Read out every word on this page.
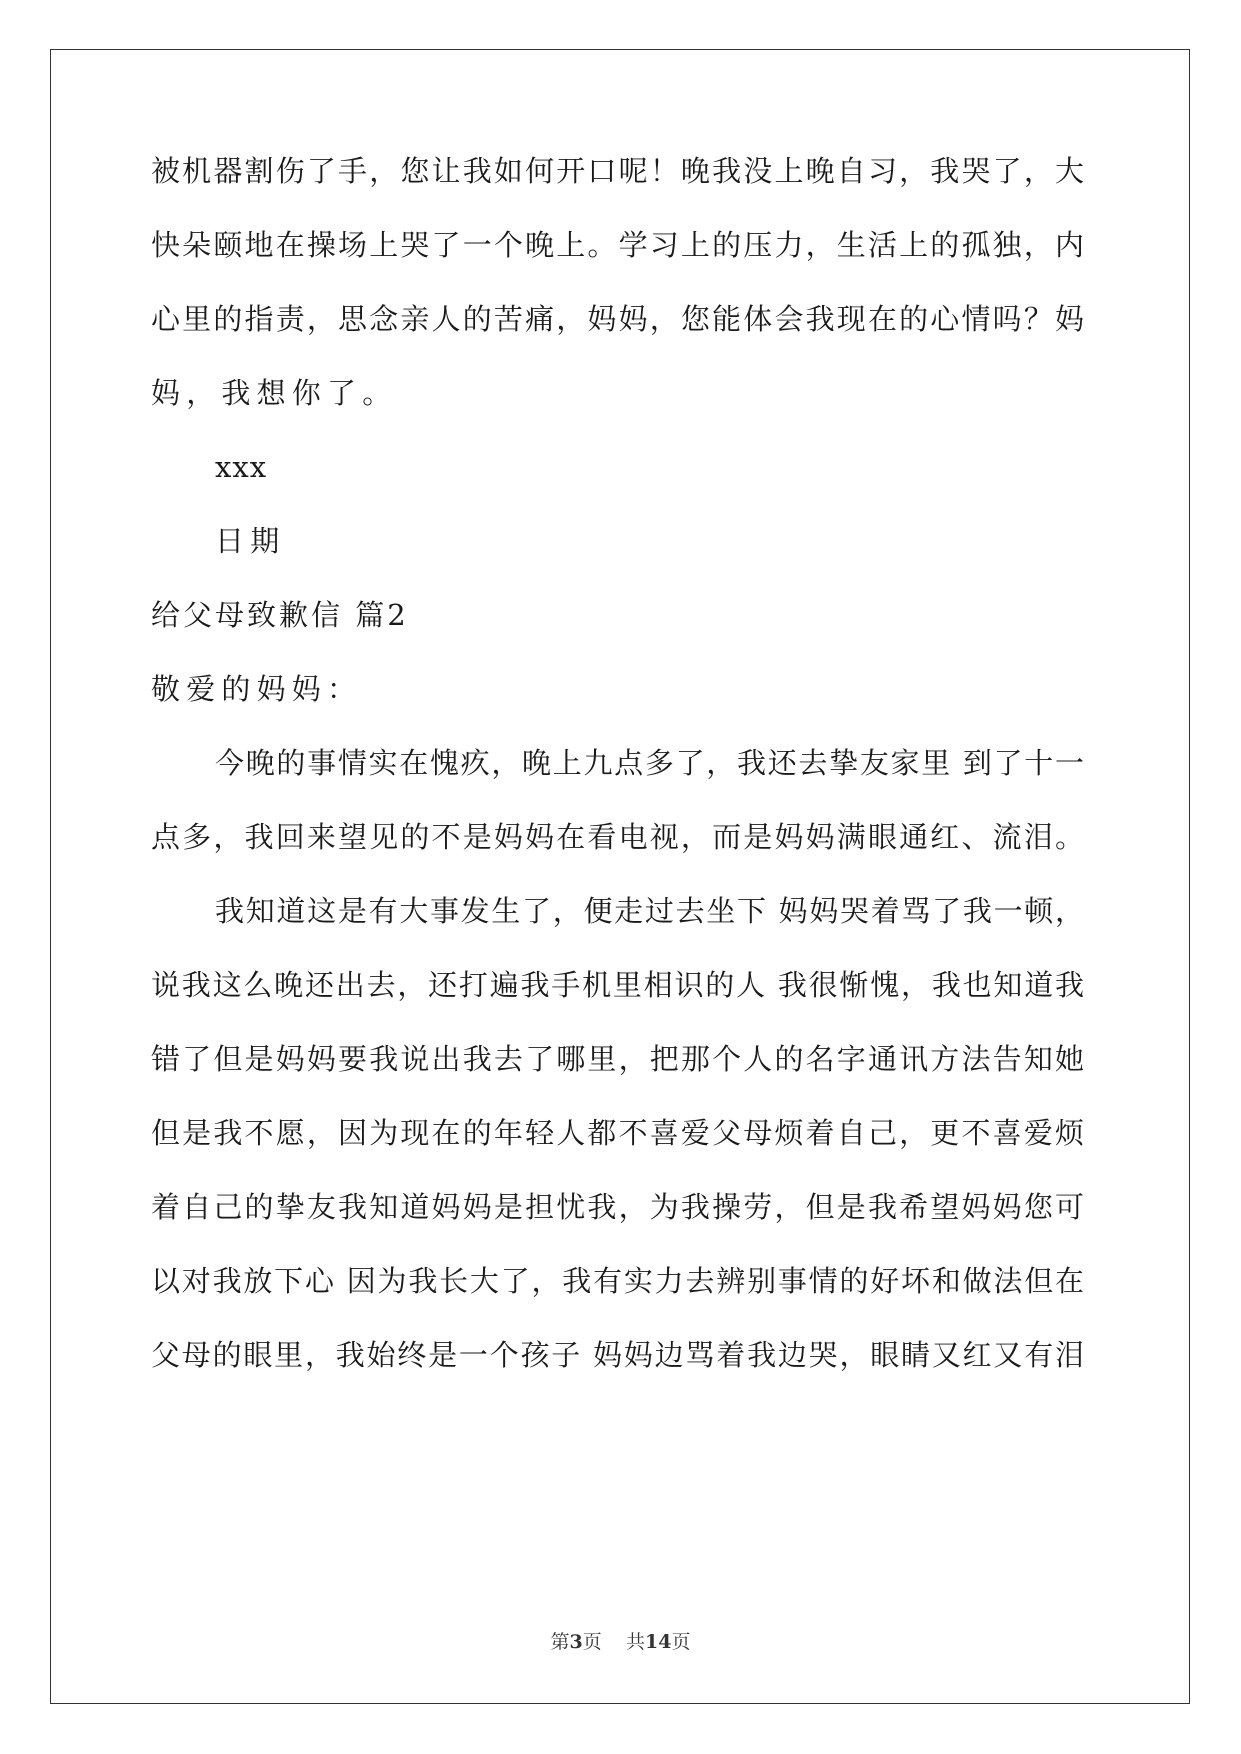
被机器割伤了手，您让我如何开口呢！晚我没上晚自习，我哭了，大
快朵颐地在操场上哭了一个晚上。学习上的压力，生活上的孤独，内
心里的指责，思念亲人的苦痛，妈妈，您能体会我现在的心情吗？妈
妈，我想你了。
xxx
日期
给父母致歉信 篇2
敬爱的妈妈：
今晚的事情实在愧疚，晚上九点多了，我还去挚友家里 到了十一
点多，我回来望见的不是妈妈在看电视，而是妈妈满眼通红、流泪。
我知道这是有大事发生了，便走过去坐下 妈妈哭着骂了我一顿，
说我这么晚还出去，还打遍我手机里相识的人 我很惭愧，我也知道我
错了但是妈妈要我说出我去了哪里，把那个人的名字通讯方法告知她
但是我不愿，因为现在的年轻人都不喜爱父母烦着自己，更不喜爱烦
着自己的挚友我知道妈妈是担忧我，为我操劳，但是我希望妈妈您可
以对我放下心 因为我长大了，我有实力去辨别事情的好坏和做法但在
父母的眼里，我始终是一个孩子 妈妈边骂着我边哭，眼睛又红又有泪
第3页 共14页
